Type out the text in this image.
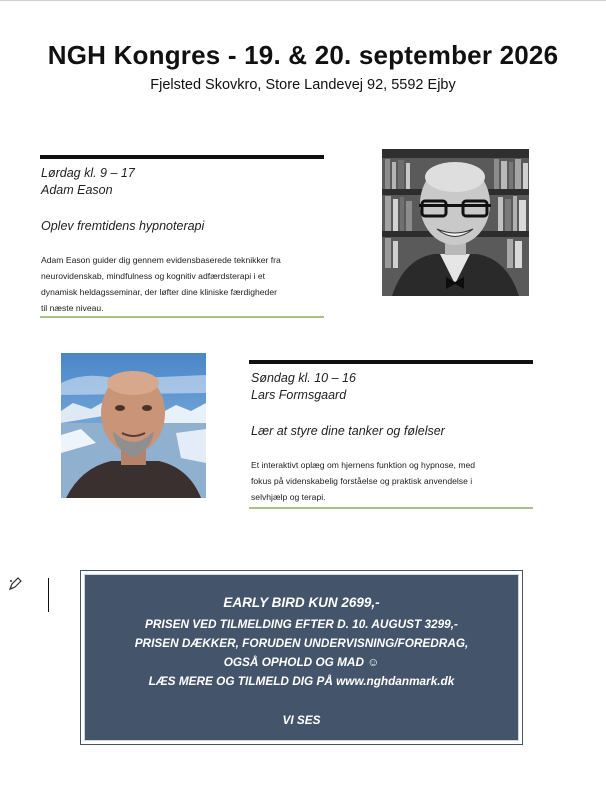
NGH Kongres - 19. & 20. september 2026
Fjelsted Skovkro, Store Landevej 92, 5592 Ejby
Lørdag kl. 9 – 17
Adam Eason
Oplev fremtidens hypnoterapi
Adam Eason guider dig gennem evidensbaserede teknikker fra
neurovidenskab, mindfulness og kognitiv adfærdsterapi i et
dynamisk heldagsseminar, der løfter dine kliniske færdigheder
til næste niveau.
Søndag kl. 10 – 16
Lars Formsgaard
Lær at styre dine tanker og følelser
Et interaktivt oplæg om hjernens funktion og hypnose, med
fokus på videnskabelig forståelse og praktisk anvendelse i
selvhjælp og terapi.
EARLY BIRD KUN 2699,-
PRISEN VED TILMELDING EFTER D. 10. AUGUST 3299,-
PRISEN DÆKKER, FORUDEN UNDERVISNING/FOREDRAG,
OGSÅ OPHOLD OG MAD ☺
LÆS MERE OG TILMELD DIG PÅ www.nghdanmark.dk
VI SES
